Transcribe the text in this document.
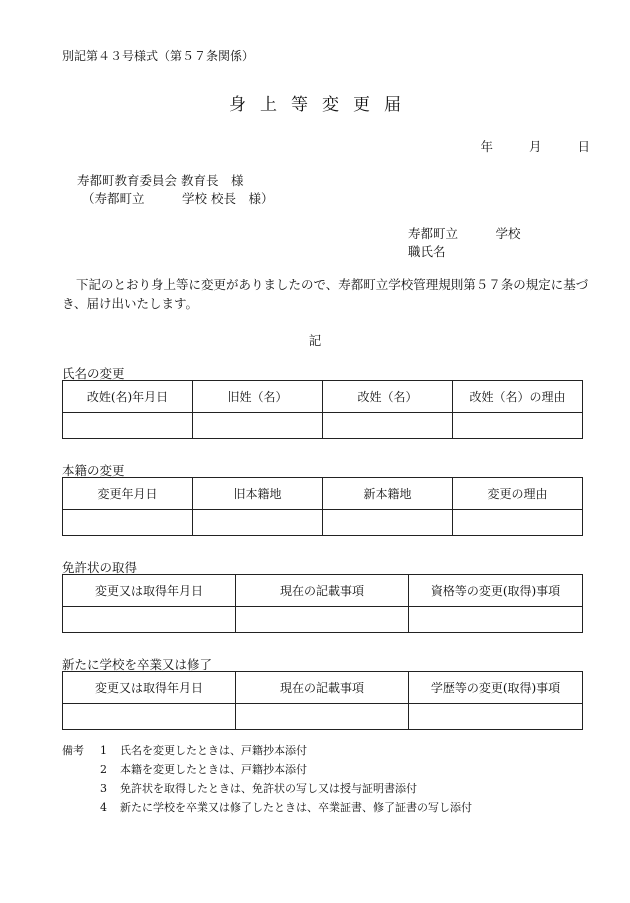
別記第４３号様式（第５７条関係）
身上等変更届
年	月	日
寿都町教育委員会 教育長　様
（寿都町立　　　学校 校長　様）
寿都町立　　　学校
職氏名
下記のとおり身上等に変更がありましたので、寿都町立学校管理規則第５７条の規定に基づき、届け出いたします。
記
氏名の変更
改姓(名)年月日	旧姓（名）	改姓（名）	改姓（名）の理由

本籍の変更
変更年月日	旧本籍地	新本籍地	変更の理由

免許状の取得
変更又は取得年月日	現在の記載事項	資格等の変更(取得)事項

新たに学校を卒業又は修了
変更又は取得年月日	現在の記載事項	学歴等の変更(取得)事項

備考 1 氏名を変更したときは、戸籍抄本添付
2 本籍を変更したときは、戸籍抄本添付
3 免許状を取得したときは、免許状の写し又は授与証明書添付
4 新たに学校を卒業又は修了したときは、卒業証書、修了証書の写し添付
